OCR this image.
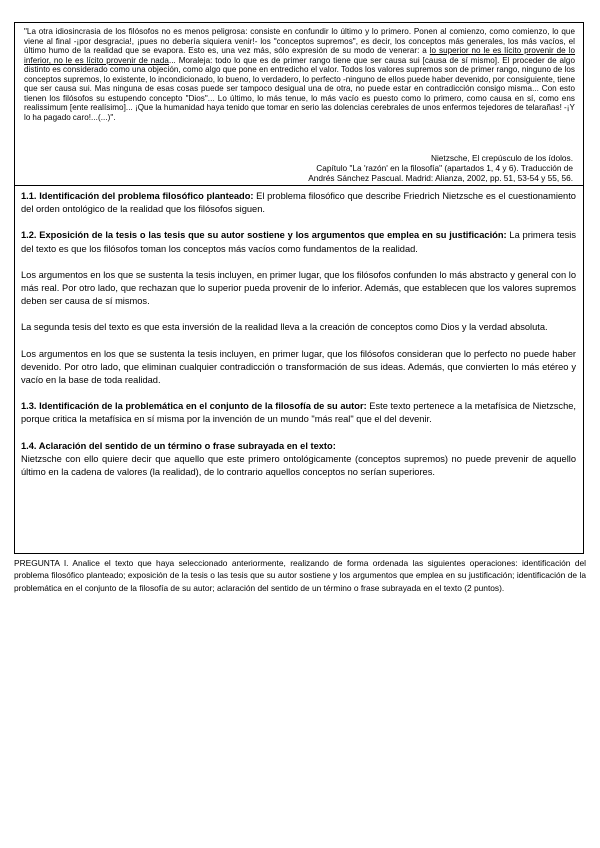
"La otra idiosincrasia de los filósofos no es menos peligrosa: consiste en confundir lo último y lo primero. Ponen al comienzo, como comienzo, lo que viene al final -¡por desgracia!, ¡pues no debería siquiera venir!- los "conceptos supremos", es decir, los conceptos más generales, los más vacíos, el último humo de la realidad que se evapora. Esto es, una vez más, sólo expresión de su modo de venerar: a lo superior no le es lícito provenir de lo inferior, no le es lícito provenir de nada... Moraleja: todo lo que es de primer rango tiene que ser causa sui [causa de sí mismo]. El proceder de algo distinto es considerado como una objeción, como algo que pone en entredicho el valor. Todos los valores supremos son de primer rango, ninguno de los conceptos supremos, lo existente, lo incondicionado, lo bueno, lo verdadero, lo perfecto -ninguno de ellos puede haber devenido, por consiguiente, tiene que ser causa sui. Mas ninguna de esas cosas puede ser tampoco desigual una de otra, no puede estar en contradicción consigo misma... Con esto tienen los filósofos su estupendo concepto "Dios"... Lo último, lo más tenue, lo más vacío es puesto como lo primero, como causa en sí, como ens realissimum [ente realísimo]... ¡Que la humanidad haya tenido que tomar en serio las dolencias cerebrales de unos enfermos tejedores de telarañas! -¡Y lo ha pagado caro!...(...)".

Nietzsche, El crepúsculo de los ídolos.
Capítulo "La 'razón' en la filosofía" (apartados 1, 4 y 6). Traducción de
Andrés Sánchez Pascual. Madrid: Alianza, 2002, pp. 51, 53-54 y 55, 56.

1.1. Identificación del problema filosófico planteado: El problema filosófico que describe Friedrich Nietzsche es el cuestionamiento del orden ontológico de la realidad que los filósofos siguen.

1.2. Exposición de la tesis o las tesis que su autor sostiene y los argumentos que emplea en su justificación: La primera tesis del texto es que los filósofos toman los conceptos más vacíos como fundamentos de la realidad.

Los argumentos en los que se sustenta la tesis incluyen, en primer lugar, que los filósofos confunden lo más abstracto y general con lo más real. Por otro lado, que rechazan que lo superior pueda provenir de lo inferior. Además, que establecen que los valores supremos deben ser causa de sí mismos.

La segunda tesis del texto es que esta inversión de la realidad lleva a la creación de conceptos como Dios y la verdad absoluta.

Los argumentos en los que se sustenta la tesis incluyen, en primer lugar, que los filósofos consideran que lo perfecto no puede haber devenido. Por otro lado, que eliminan cualquier contradicción o transformación de sus ideas. Además, que convierten lo más etéreo y vacío en la base de toda realidad.

1.3. Identificación de la problemática en el conjunto de la filosofía de su autor: Este texto pertenece a la metafísica de Nietzsche, porque critica la metafísica en sí misma por la invención de un mundo "más real" que el del devenir.

1.4. Aclaración del sentido de un término o frase subrayada en el texto:

Nietzsche con ello quiere decir que aquello que este primero ontológicamente (conceptos supremos) no puede prevenir de aquello último en la cadena de valores (la realidad), de lo contrario aquellos conceptos no serían superiores.

PREGUNTA I. Analice el texto que haya seleccionado anteriormente, realizando de forma ordenada las siguientes operaciones: identificación del problema filosófico planteado; exposición de la tesis o las tesis que su autor sostiene y los argumentos que emplea en su justificación; identificación de la problemática en el conjunto de la filosofía de su autor; aclaración del sentido de un término o frase subrayada en el texto (2 puntos).
